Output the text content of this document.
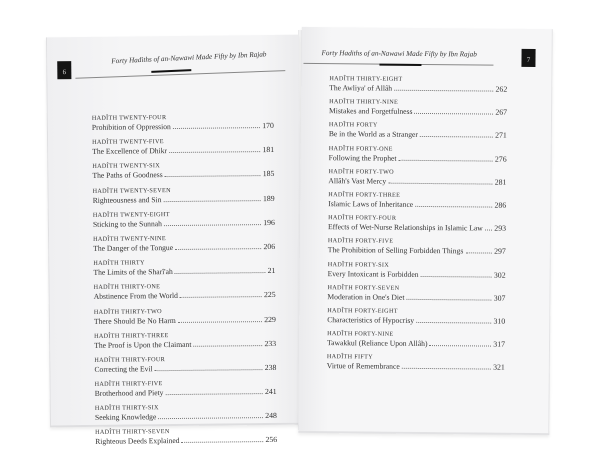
6
Forty Hadiths of an-Nawawi Made Fifty by Ibn Rajab
HADÎTH TWENTY-FOUR
Prohibition of Oppression	170
HADÎTH TWENTY-FIVE
The Excellence of Dhikr	181
HADÎTH TWENTY-SIX
The Paths of Goodness	185
HADÎTH TWENTY-SEVEN
Righteousness and Sin	189
HADÎTH TWENTY-EIGHT
Sticking to the Sunnah	196
HADÎTH TWENTY-NINE
The Danger of the Tongue	206
HADÎTH THIRTY
The Limits of the Sharî'ah	21
HADÎTH THIRTY-ONE
Abstinence From the World	225
HADÎTH THIRTY-TWO
There Should Be No Harm	229
HADÎTH THIRTY-THREE
The Proof is Upon the Claimant	233
HADÎTH THIRTY-FOUR
Correcting the Evil	238
HADÎTH THIRTY-FIVE
Brotherhood and Piety	241
HADÎTH THIRTY-SIX
Seeking Knowledge	248
HADÎTH THIRTY-SEVEN
Righteous Deeds Explained	256
Forty Hadiths of an-Nawawi Made Fifty by Ibn Rajab
7
HADÎTH THIRTY-EIGHT
The Awliya' of Allâh	262
HADÎTH THIRTY-NINE
Mistakes and Forgetfulness	267
HADÎTH FORTY
Be in the World as a Stranger	271
HADÎTH FORTY-ONE
Following the Prophet	276
HADÎTH FORTY-TWO
Allâh's Vast Mercy	281
HADÎTH FORTY-THREE
Islamic Laws of Inheritance	286
HADÎTH FORTY-FOUR
Effects of Wet-Nurse Relationships in Islamic Law 293
HADÎTH FORTY-FIVE
The Prohibition of Selling Forbidden Things	297
HADÎTH FORTY-SIX
Every Intoxicant is Forbidden	302
HADÎTH FORTY-SEVEN
Moderation in One's Diet	307
HADÎTH FORTY-EIGHT
Characteristics of Hypocrisy	310
HADÎTH FORTY-NINE
Tawakkul (Reliance Upon Allâh)	317
HADÎTH FIFTY
Virtue of Remembrance	321
